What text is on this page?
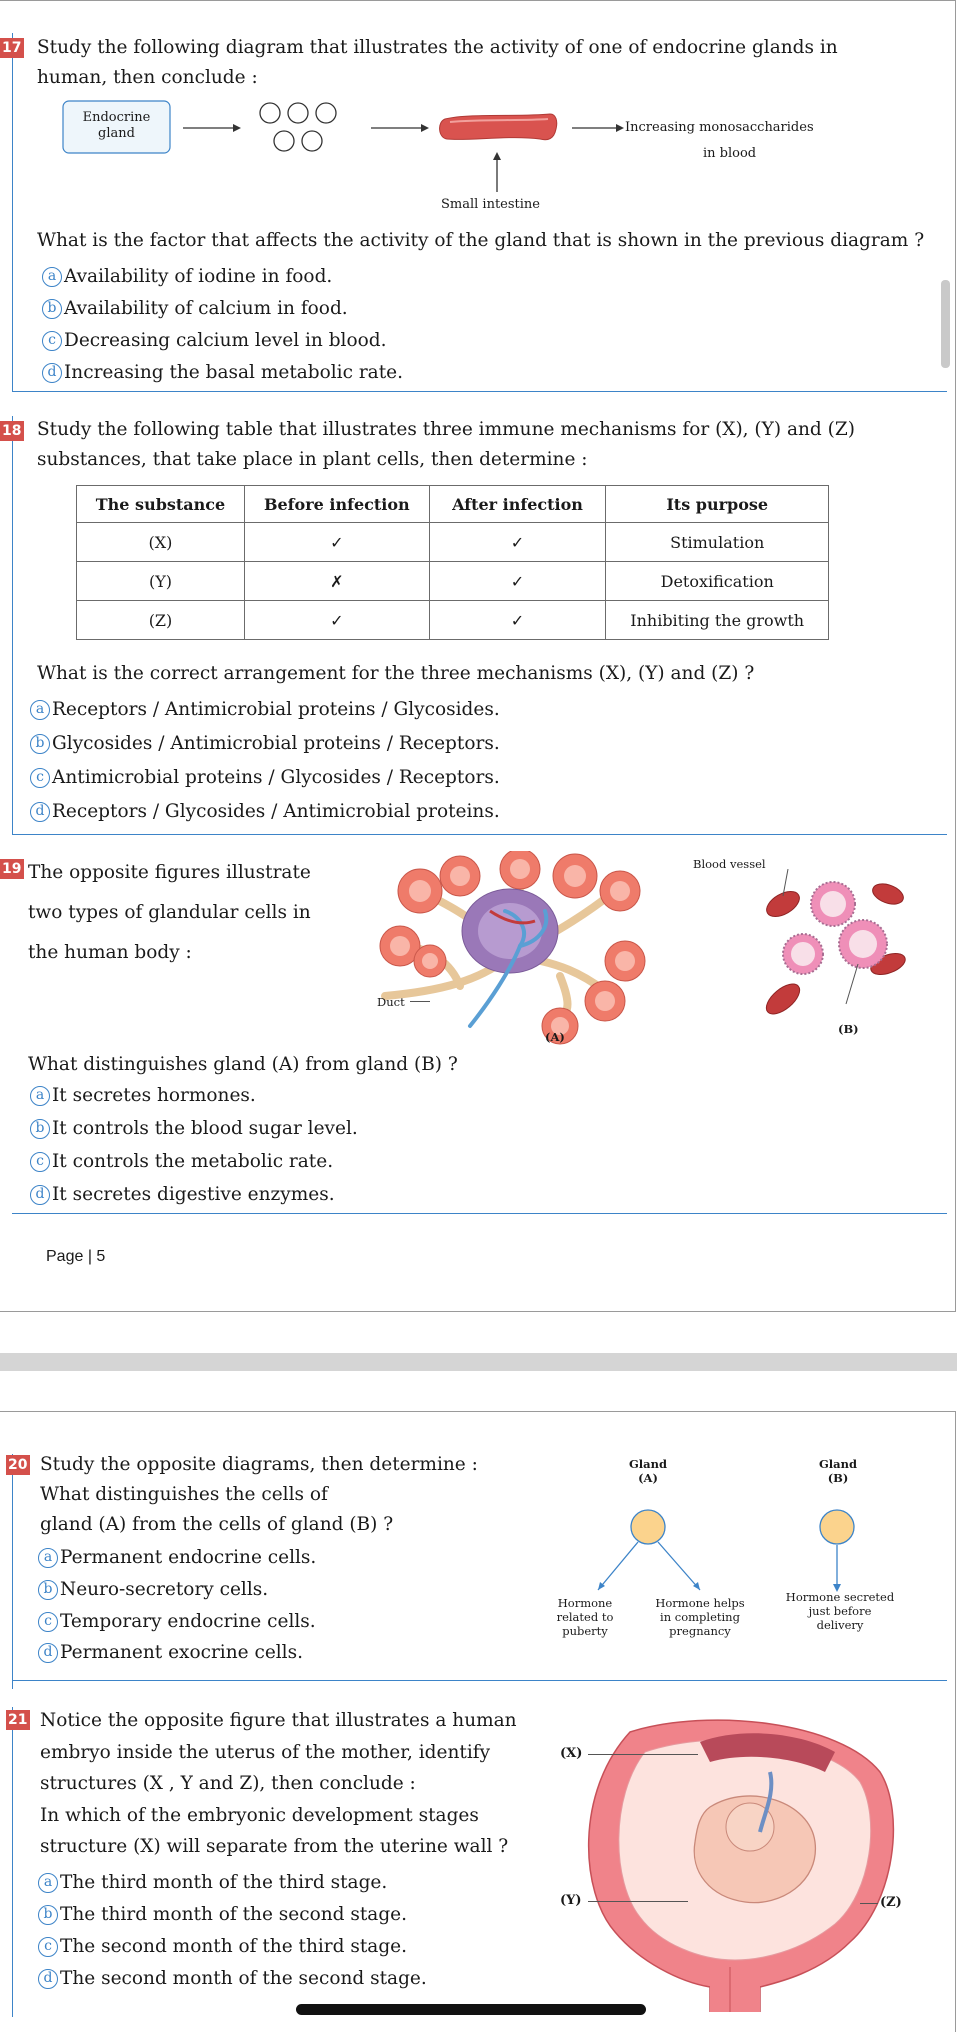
17 Study the following diagram that illustrates the activity of one of endocrine glands in
human, then conclude :
Endocrine
gland	Increasing monosaccharides
in blood
Small intestine
What is the factor that affects the activity of the gland that is shown in the previous diagram ?
a Availability of iodine in food.
b Availability of calcium in food.
c Decreasing calcium level in blood.
d Increasing the basal metabolic rate.
18 Study the following table that illustrates three immune mechanisms for (X), (Y) and (Z)
substances, that take place in plant cells, then determine :
The substance	Before infection	After infection	Its purpose
(X)	✓	✓	Stimulation
(Y)	✗	✓	Detoxification
(Z)	✓	✓	Inhibiting the growth
What is the correct arrangement for the three mechanisms (X), (Y) and (Z) ?
a Receptors / Antimicrobial proteins / Glycosides.
b Glycosides / Antimicrobial proteins / Receptors.
c Antimicrobial proteins / Glycosides / Receptors.
d Receptors / Glycosides / Antimicrobial proteins.
19 The opposite figures illustrate
two types of glandular cells in
the human body :
Duct
(A)
Blood vessel
(B)
What distinguishes gland (A) from gland (B) ?
a It secretes hormones.
b It controls the blood sugar level.
c It controls the metabolic rate.
d It secretes digestive enzymes.
Page | 5
20 Study the opposite diagrams, then determine :
What distinguishes the cells of
gland (A) from the cells of gland (B) ?
a Permanent endocrine cells.
b Neuro-secretory cells.
c Temporary endocrine cells.
d Permanent exocrine cells.
Gland
(A)
Gland
(B)
Hormone
related to
puberty
Hormone helps
in completing
pregnancy
Hormone secreted
just before
delivery
21 Notice the opposite figure that illustrates a human
embryo inside the uterus of the mother, identify
structures (X , Y and Z), then conclude :
In which of the embryonic development stages
structure (X) will separate from the uterine wall ?
a The third month of the third stage.
b The third month of the second stage.
c The second month of the third stage.
d The second month of the second stage.
(X)
(Y)	(Z)
